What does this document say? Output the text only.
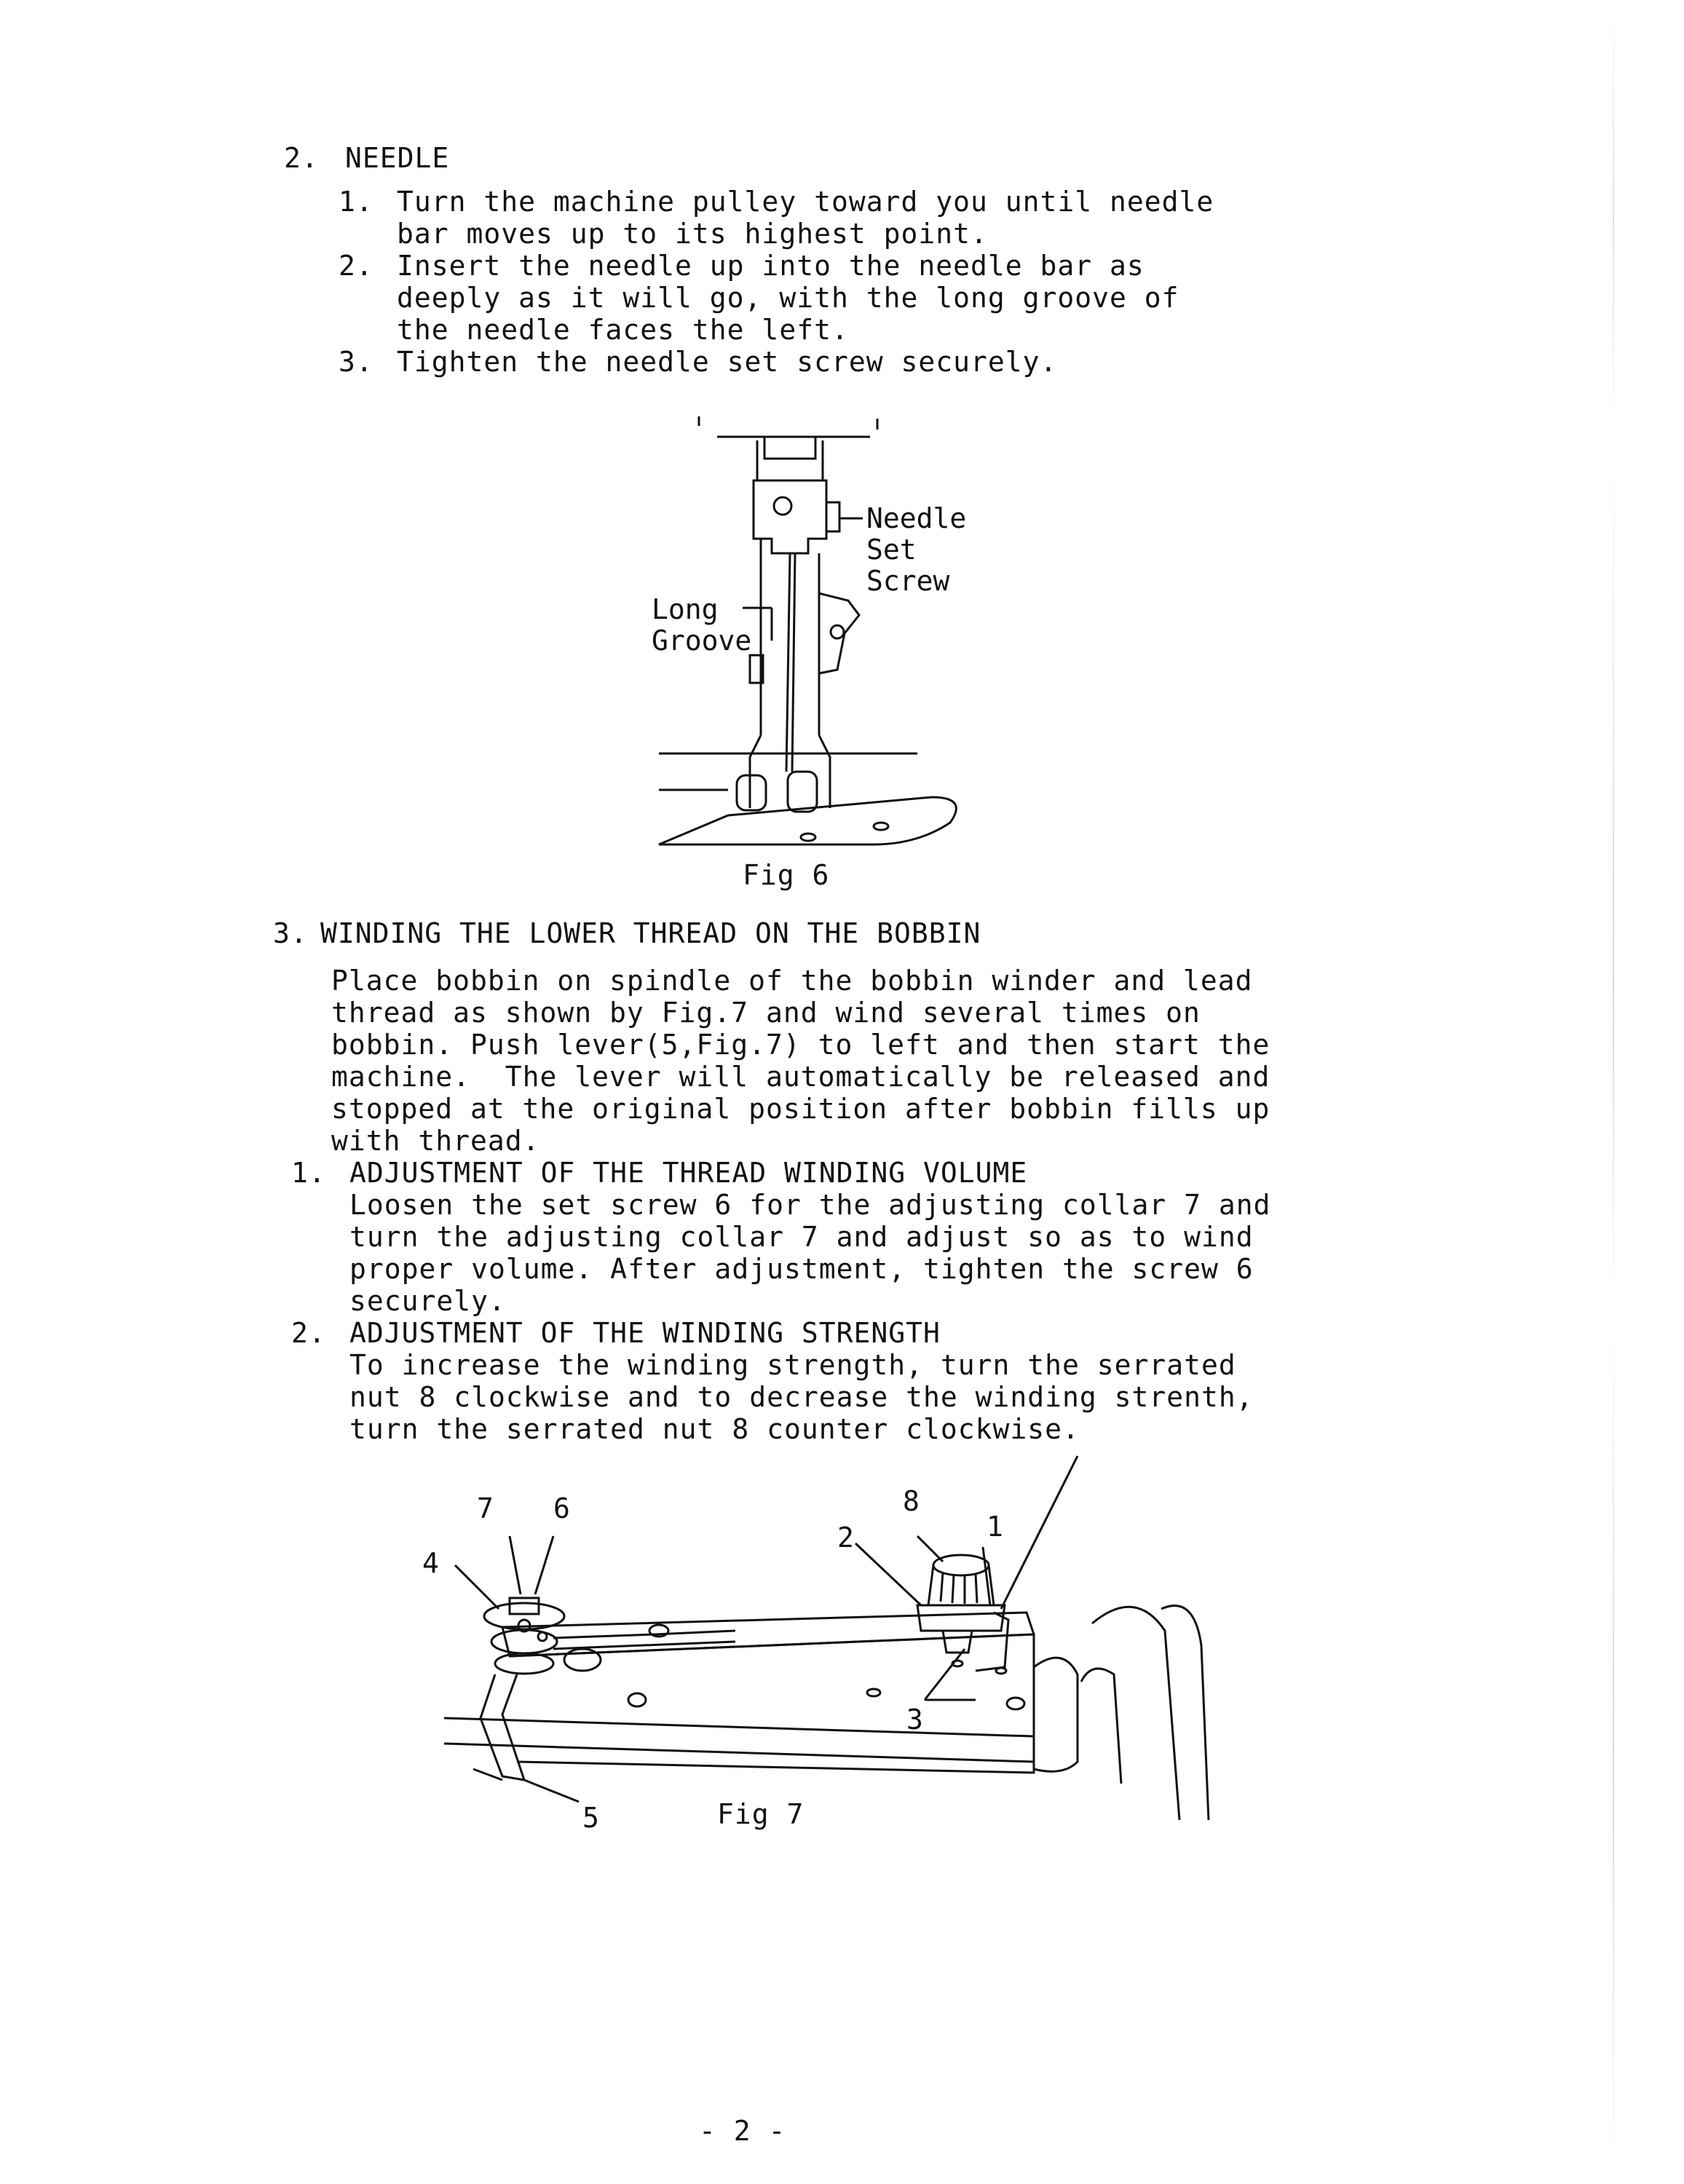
2. NEEDLE
1. Turn the machine pulley toward you until needle
bar moves up to its highest point.
2. Insert the needle up into the needle bar as
deeply as it will go, with the long groove of
the needle faces the left.
3. Tighten the needle set screw securely.
Needle
Set
Screw
Long
Groove
Fig 6
3. WINDING THE LOWER THREAD ON THE BOBBIN
Place bobbin on spindle of the bobbin winder and lead
thread as shown by Fig.7 and wind several times on
bobbin. Push lever(5,Fig.7) to left and then start the
machine.  The lever will automatically be released and
stopped at the original position after bobbin fills up
with thread.
1. ADJUSTMENT OF THE THREAD WINDING VOLUME
Loosen the set screw 6 for the adjusting collar 7 and
turn the adjusting collar 7 and adjust so as to wind
proper volume. After adjustment, tighten the screw 6
securely.
2. ADJUSTMENT OF THE WINDING STRENGTH
To increase the winding strength, turn the serrated
nut 8 clockwise and to decrease the winding strenth,
turn the serrated nut 8 counter clockwise.
7 6
4
2
8
1
3
5	Fig 7
- 2 -
